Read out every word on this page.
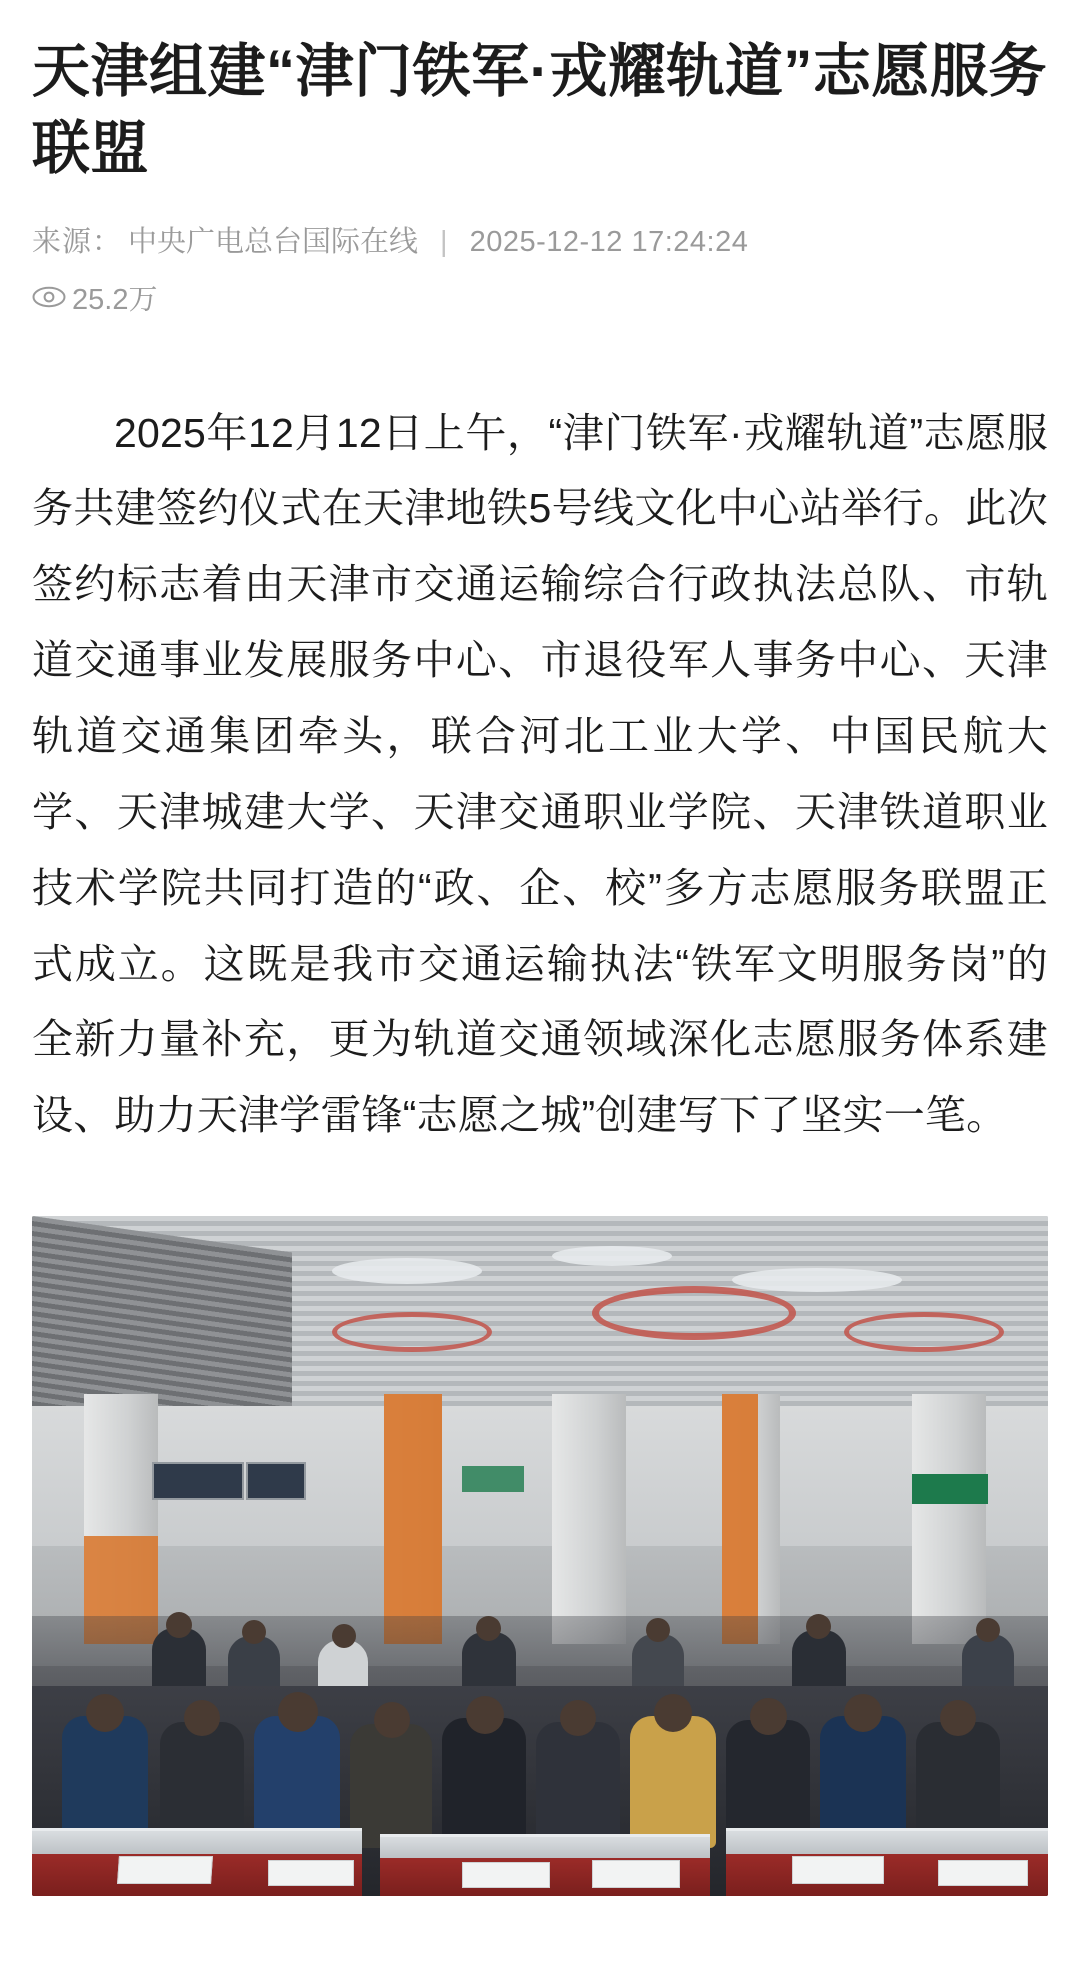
天津组建“津门铁军·戎耀轨道”志愿服务联盟
来源： 中央广电总台国际在线 | 2025-12-12 17:24:24
25.2万

2025年12月12日上午，“津门铁军·戎耀轨道”志愿服务共建签约仪式在天津地铁5号线文化中心站举行。此次签约标志着由天津市交通运输综合行政执法总队、市轨道交通事业发展服务中心、市退役军人事务中心、天津轨道交通集团牵头，联合河北工业大学、中国民航大学、天津城建大学、天津交通职业学院、天津铁道职业技术学院共同打造的“政、企、校”多方志愿服务联盟正式成立。这既是我市交通运输执法“铁军文明服务岗”的全新力量补充，更为轨道交通领域深化志愿服务体系建设、助力天津学雷锋“志愿之城”创建写下了坚实一笔。
